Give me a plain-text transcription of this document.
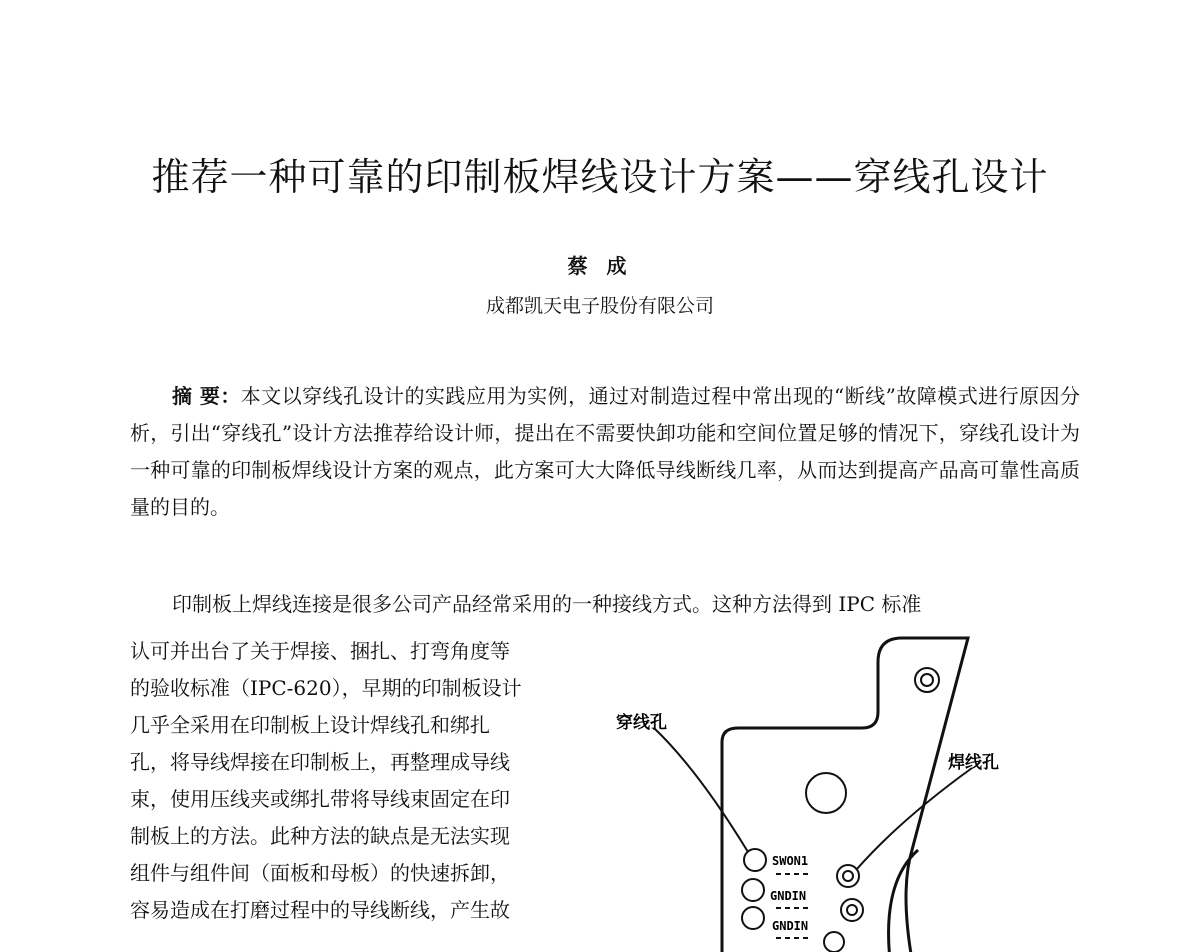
推荐一种可靠的印制板焊线设计方案——穿线孔设计
蔡 成
成都凯天电子股份有限公司
摘 要：本文以穿线孔设计的实践应用为实例，通过对制造过程中常出现的“断线”故障模式进行原因分析，引出“穿线孔”设计方法推荐给设计师，提出在不需要快卸功能和空间位置足够的情况下，穿线孔设计为一种可靠的印制板焊线设计方案的观点，此方案可大大降低导线断线几率，从而达到提高产品高可靠性高质量的目的。
印制板上焊线连接是很多公司产品经常采用的一种接线方式。这种方法得到 IPC 标准
认可并出台了关于焊接、捆扎、打弯角度等
的验收标准（IPC-620），早期的印制板设计
几乎全采用在印制板上设计焊线孔和绑扎
孔，将导线焊接在印制板上，再整理成导线
束，使用压线夹或绑扎带将导线束固定在印
制板上的方法。此种方法的缺点是无法实现
组件与组件间（面板和母板）的快速拆卸，
容易造成在打磨过程中的导线断线，产生故
穿线孔
焊线孔
SWON1
GNDIN
GNDIN
